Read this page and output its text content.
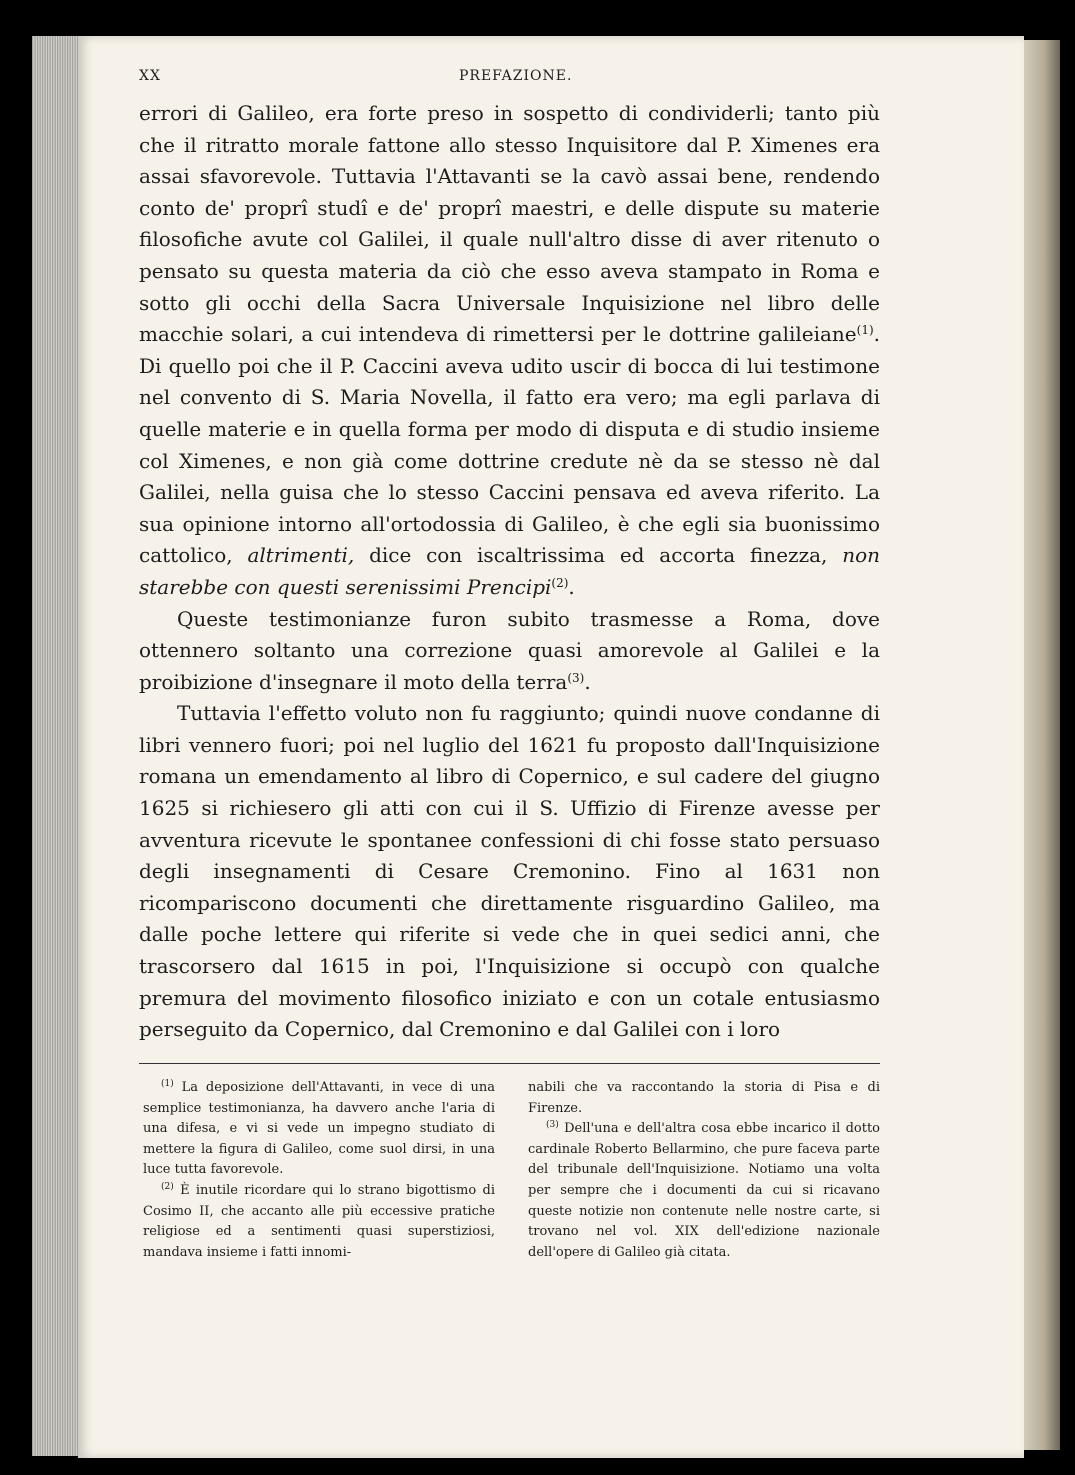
XX	PREFAZIONE.

errori di Galileo, era forte preso in sospetto di condividerli; tanto più che il ritratto morale fattone allo stesso Inquisitore dal P. Ximenes era assai sfavorevole. Tuttavia l'Attavanti se la cavò assai bene, rendendo conto de' proprî studî e de' proprî maestri, e delle dispute su materie filosofiche avute col Galilei, il quale null'altro disse di aver ritenuto o pensato su questa materia da ciò che esso aveva stampato in Roma e sotto gli occhi della Sacra Universale Inquisizione nel libro delle macchie solari, a cui intendeva di rimettersi per le dottrine galileiane$^{(1)}$. Di quello poi che il P. Caccini aveva udito uscir di bocca di lui testimone nel convento di S. Maria Novella, il fatto era vero; ma egli parlava di quelle materie e in quella forma per modo di disputa e di studio insieme col Ximenes, e non già come dottrine credute nè da se stesso nè dal Galilei, nella guisa che lo stesso Caccini pensava ed aveva riferito. La sua opinione intorno all'ortodossia di Galileo, è che egli sia buonissimo cattolico, altrimenti, dice con iscaltrissima ed accorta finezza, non starebbe con questi serenissimi Prencipi$^{(2)}$.

Queste testimonianze furon subito trasmesse a Roma, dove ottennero soltanto una correzione quasi amorevole al Galilei e la proibizione d'insegnare il moto della terra$^{(3)}$.

Tuttavia l'effetto voluto non fu raggiunto; quindi nuove condanne di libri vennero fuori; poi nel luglio del 1621 fu proposto dall'Inquisizione romana un emendamento al libro di Copernico, e sul cadere del giugno 1625 si richiesero gli atti con cui il S. Uffizio di Firenze avesse per avventura ricevute le spontanee confessioni di chi fosse stato persuaso degli insegnamenti di Cesare Cremonino. Fino al 1631 non ricompariscono documenti che direttamente risguardino Galileo, ma dalle poche lettere qui riferite si vede che in quei sedici anni, che trascorsero dal 1615 in poi, l'Inquisizione si occupò con qualche premura del movimento filosofico iniziato e con un cotale entusiasmo perseguito da Copernico, dal Cremonino e dal Galilei con i loro

$^{(1)}$ La deposizione dell'Attavanti, in vece di una semplice testimonianza, ha davvero anche l'aria di una difesa, e vi si vede un impegno studiato di mettere la figura di Galileo, come suol dirsi, in una luce tutta favorevole.

$^{(2)}$ È inutile ricordare qui lo strano bigottismo di Cosimo II, che accanto alle più eccessive pratiche religiose ed a sentimenti quasi superstiziosi, mandava insieme i fatti innomi-

nabili che va raccontando la storia di Pisa e di Firenze.

$^{(3)}$ Dell'una e dell'altra cosa ebbe incarico il dotto cardinale Roberto Bellarmino, che pure faceva parte del tribunale dell'Inquisizione. Notiamo una volta per sempre che i documenti da cui si ricavano queste notizie non contenute nelle nostre carte, si trovano nel vol. XIX dell'edizione nazionale dell'opere di Galileo già citata.
